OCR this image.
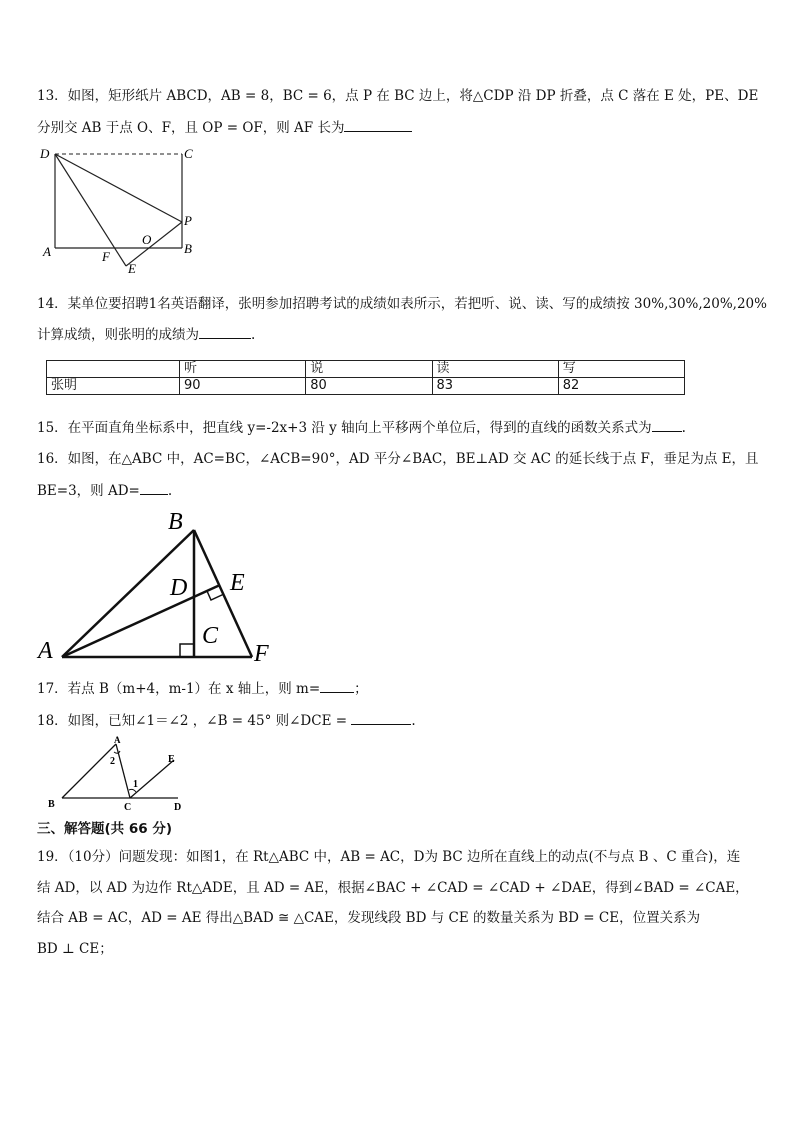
13．如图，矩形纸片 ABCD，AB = 8，BC = 6，点 P 在 BC 边上，将△CDP 沿 DP 折叠，点 C 落在 E 处，PE、DE
分别交 AB 于点 O、F，且 OP = OF，则 AF 长为
D	C
P
O
A	B
F
E
14．某单位要招聘1名英语翻译，张明参加招聘考试的成绩如表所示，若把听、说、读、写的成绩按 30%,30%,20%,20%
计算成绩，则张明的成绩为	.
	听	说	读	写
张明	90	80	83	82
15．在平面直角坐标系中，把直线 y=-2x+3 沿 y 轴向上平移两个单位后，得到的直线的函数关系式为 .
16．如图，在△ABC 中，AC=BC，∠ACB=90°，AD 平分∠BAC，BE⊥AD 交 AC 的延长线于点 F，垂足为点 E，且
BE=3，则 AD= .
B
D E
C
A	F
17．若点 B（m+4，m-1）在 x 轴上，则 m=	；
18．如图，已知∠1＝∠2 ，∠B = 45° 则∠DCE =	.
A
E
2
1
B	C	D
三、解答题(共 66 分)
19．（10分）问题发现：如图1，在 Rt△ABC 中，AB = AC，D为 BC 边所在直线上的动点(不与点 B 、C 重合)，连
结 AD，以 AD 为边作 Rt△ADE，且 AD = AE，根据∠BAC + ∠CAD = ∠CAD + ∠DAE，得到∠BAD = ∠CAE，
结合 AB = AC，AD = AE 得出△BAD ≅ △CAE，发现线段 BD 与 CE 的数量关系为 BD = CE，位置关系为
BD ⊥ CE；
